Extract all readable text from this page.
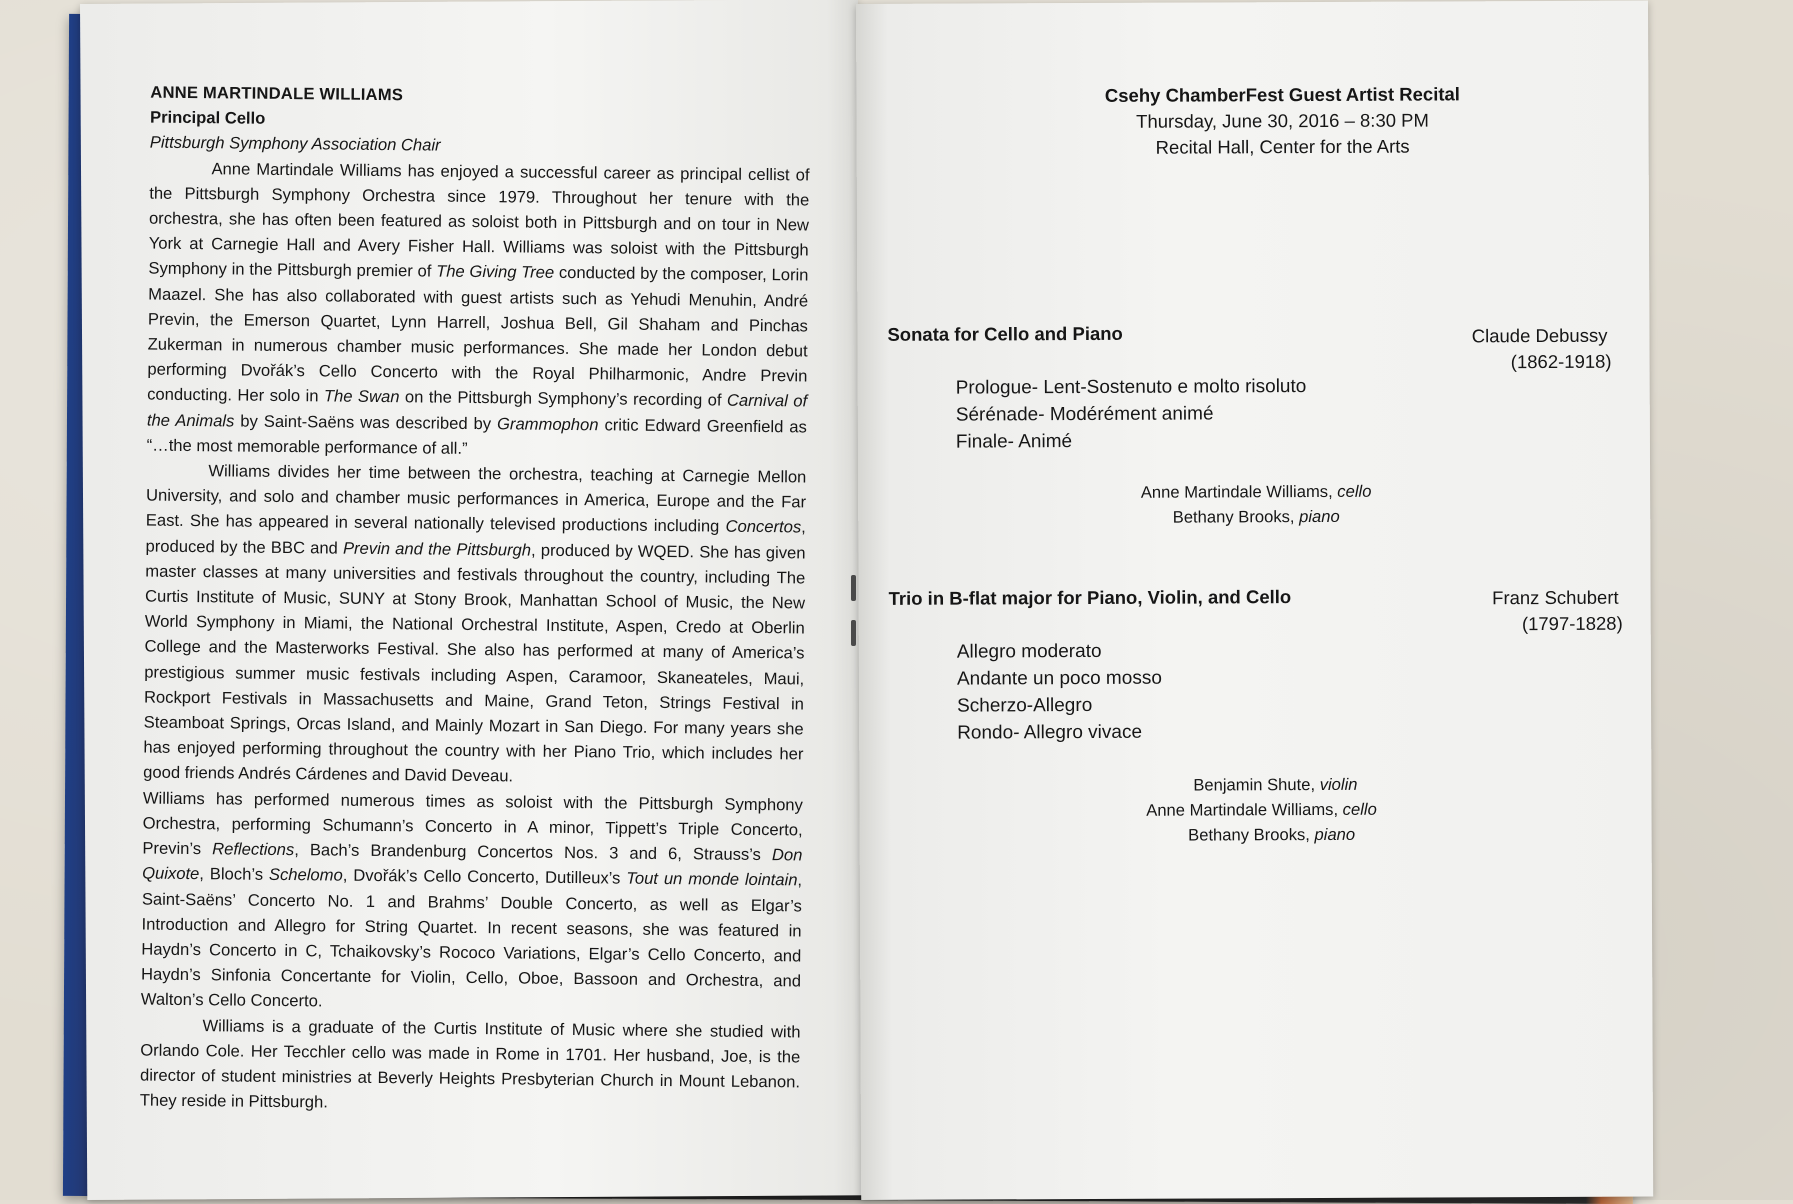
ANNE MARTINDALE WILLIAMS
Principal Cello
Pittsburgh Symphony Association Chair

Anne Martindale Williams has enjoyed a successful career as principal cellist of the Pittsburgh Symphony Orchestra since 1979. Throughout her tenure with the orchestra, she has often been featured as soloist both in Pittsburgh and on tour in New York at Carnegie Hall and Avery Fisher Hall. Williams was soloist with the Pittsburgh Symphony in the Pittsburgh premier of The Giving Tree conducted by the composer, Lorin Maazel. She has also collaborated with guest artists such as Yehudi Menuhin, André Previn, the Emerson Quartet, Lynn Harrell, Joshua Bell, Gil Shaham and Pinchas Zukerman in numerous chamber music performances. She made her London debut performing Dvořák’s Cello Concerto with the Royal Philharmonic, Andre Previn conducting. Her solo in The Swan on the Pittsburgh Symphony’s recording of Carnival of the Animals by Saint-Saëns was described by Grammophon critic Edward Greenfield as “…the most memorable performance of all.”

Williams divides her time between the orchestra, teaching at Carnegie Mellon University, and solo and chamber music performances in America, Europe and the Far East. She has appeared in several nationally televised productions including Concertos, produced by the BBC and Previn and the Pittsburgh, produced by WQED. She has given master classes at many universities and festivals throughout the country, including The Curtis Institute of Music, SUNY at Stony Brook, Manhattan School of Music, the New World Symphony in Miami, the National Orchestral Institute, Aspen, Credo at Oberlin College and the Masterworks Festival. She also has performed at many of America’s prestigious summer music festivals including Aspen, Caramoor, Skaneateles, Maui, Rockport Festivals in Massachusetts and Maine, Grand Teton, Strings Festival in Steamboat Springs, Orcas Island, and Mainly Mozart in San Diego. For many years she has enjoyed performing throughout the country with her Piano Trio, which includes her good friends Andrés Cárdenes and David Deveau.

Williams has performed numerous times as soloist with the Pittsburgh Symphony Orchestra, performing Schumann’s Concerto in A minor, Tippett’s Triple Concerto, Previn’s Reflections, Bach’s Brandenburg Concertos Nos. 3 and 6, Strauss’s Don Quixote, Bloch’s Schelomo, Dvořák’s Cello Concerto, Dutilleux’s Tout un monde lointain, Saint-Saëns’ Concerto No. 1 and Brahms’ Double Concerto, as well as Elgar’s Introduction and Allegro for String Quartet. In recent seasons, she was featured in Haydn’s Concerto in C, Tchaikovsky’s Rococo Variations, Elgar’s Cello Concerto, and Haydn’s Sinfonia Concertante for Violin, Cello, Oboe, Bassoon and Orchestra, and Walton’s Cello Concerto.

Williams is a graduate of the Curtis Institute of Music where she studied with Orlando Cole. Her Tecchler cello was made in Rome in 1701. Her husband, Joe, is the director of student ministries at Beverly Heights Presbyterian Church in Mount Lebanon. They reside in Pittsburgh.

Csehy ChamberFest Guest Artist Recital
Thursday, June 30, 2016 – 8:30 PM
Recital Hall, Center for the Arts
Sonata for Cello and Piano	Claude Debussy
(1862-1918)
Prologue- Lent-Sostenuto e molto risoluto
Sérénade- Modérément animé
Finale- Animé
Anne Martindale Williams, cello
Bethany Brooks, piano
Trio in B-flat major for Piano, Violin, and Cello	Franz Schubert
(1797-1828)
Allegro moderato
Andante un poco mosso
Scherzo-Allegro
Rondo- Allegro vivace
Benjamin Shute, violin
Anne Martindale Williams, cello
Bethany Brooks, piano
